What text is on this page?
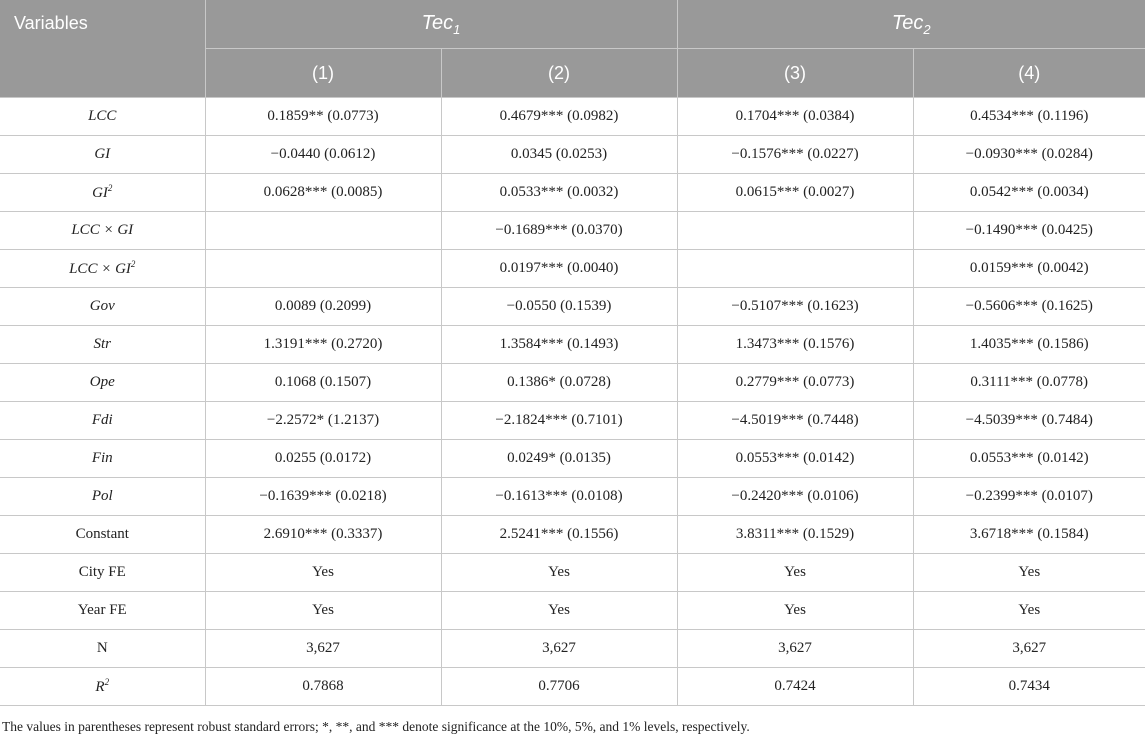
Variables	Tec$_1$		Tec$_2$
	(1)	(2)	(3)	(4)
LCC	0.1859** (0.0773)	0.4679*** (0.0982)	0.1704*** (0.0384)	0.4534*** (0.1196)
GI	−0.0440 (0.0612)	0.0345 (0.0253)	−0.1576*** (0.0227)	−0.0930*** (0.0284)
$GI^2$	0.0628*** (0.0085)	0.0533*** (0.0032)	0.0615*** (0.0027)	0.0542*** (0.0034)
LCC × GI		−0.1689*** (0.0370)		−0.1490*** (0.0425)
LCC × $GI^2$		0.0197*** (0.0040)		0.0159*** (0.0042)
Gov	0.0089 (0.2099)	−0.0550 (0.1539)	−0.5107*** (0.1623)	−0.5606*** (0.1625)
Str	1.3191*** (0.2720)	1.3584*** (0.1493)	1.3473*** (0.1576)	1.4035*** (0.1586)
Ope	0.1068 (0.1507)	0.1386* (0.0728)	0.2779*** (0.0773)	0.3111*** (0.0778)
Fdi	−2.2572* (1.2137)	−2.1824*** (0.7101)	−4.5019*** (0.7448)	−4.5039*** (0.7484)
Fin	0.0255 (0.0172)	0.0249* (0.0135)	0.0553*** (0.0142)	0.0553*** (0.0142)
Pol	−0.1639*** (0.0218)	−0.1613*** (0.0108)	−0.2420*** (0.0106)	−0.2399*** (0.0107)
Constant	2.6910*** (0.3337)	2.5241*** (0.1556)	3.8311*** (0.1529)	3.6718*** (0.1584)
City FE	Yes	Yes	Yes	Yes
Year FE	Yes	Yes	Yes	Yes
N	3,627	3,627	3,627	3,627
$R^2$	0.7868	0.7706	0.7424	0.7434
The values in parentheses represent robust standard errors; *, **, and *** denote significance at the 10%, 5%, and 1% levels, respectively.
